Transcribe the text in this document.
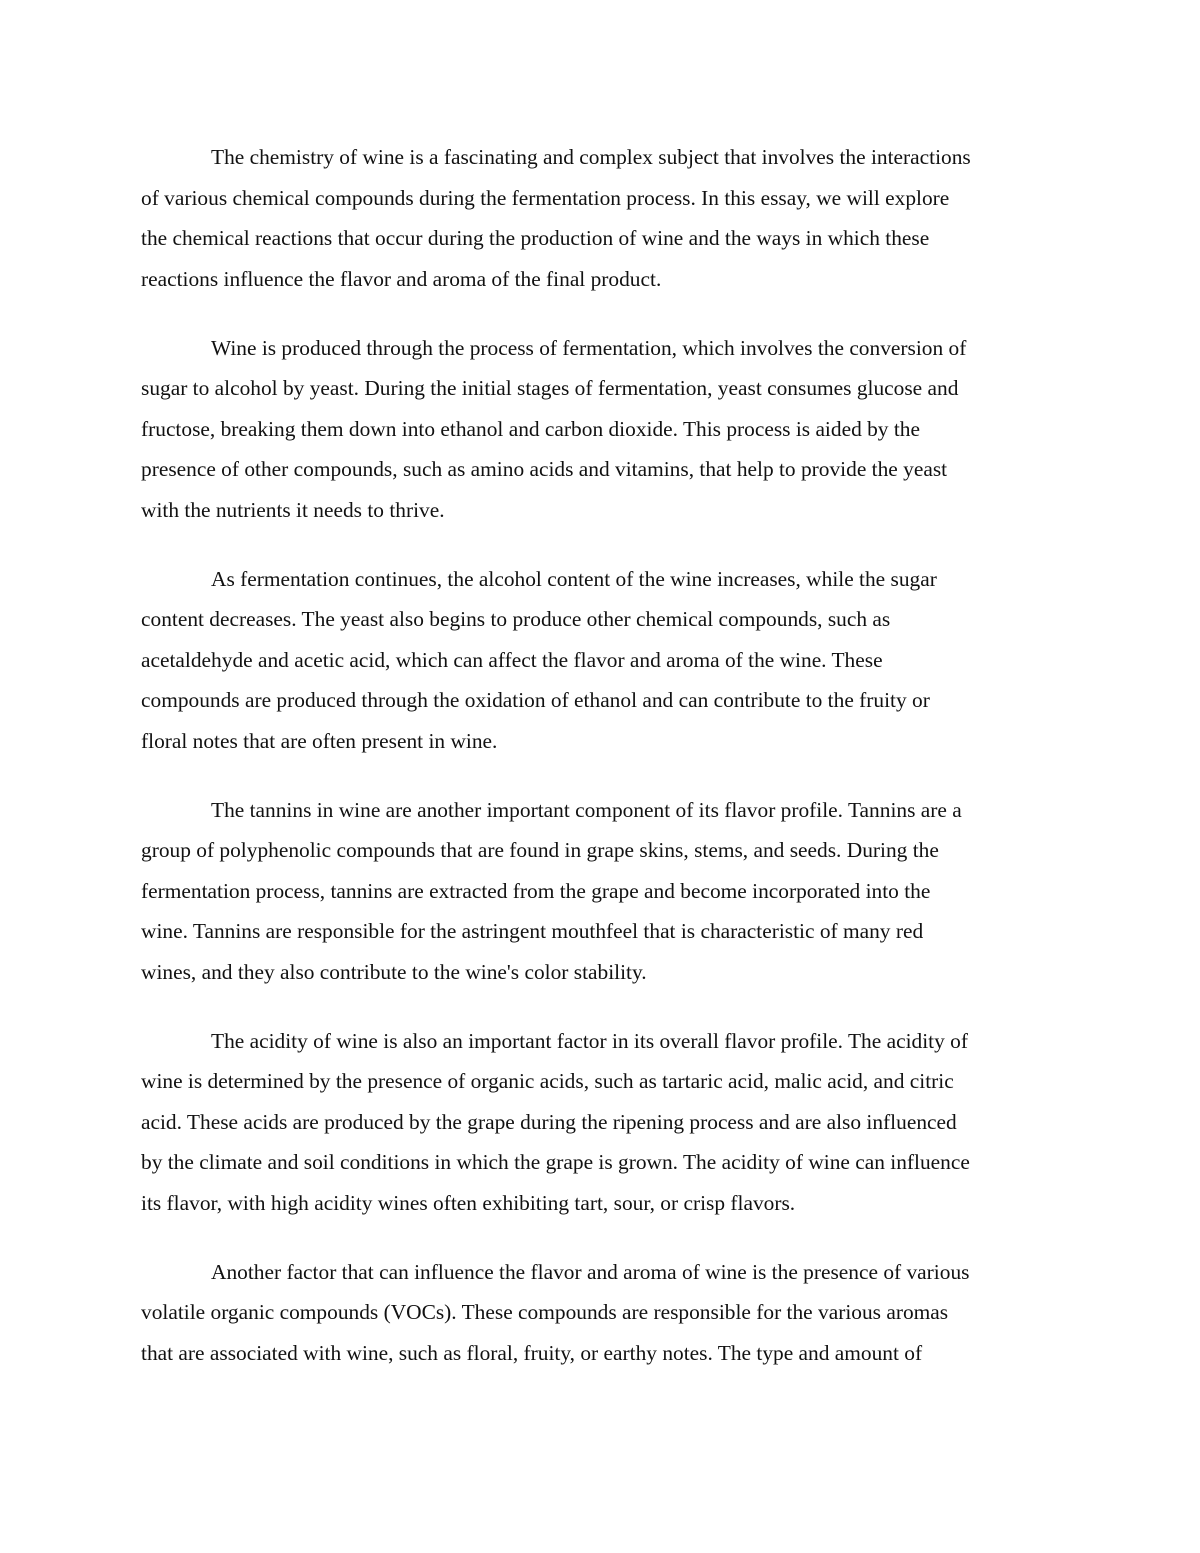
The chemistry of wine is a fascinating and complex subject that involves the interactions
of various chemical compounds during the fermentation process. In this essay, we will explore
the chemical reactions that occur during the production of wine and the ways in which these
reactions influence the flavor and aroma of the final product.

Wine is produced through the process of fermentation, which involves the conversion of
sugar to alcohol by yeast. During the initial stages of fermentation, yeast consumes glucose and
fructose, breaking them down into ethanol and carbon dioxide. This process is aided by the
presence of other compounds, such as amino acids and vitamins, that help to provide the yeast
with the nutrients it needs to thrive.

As fermentation continues, the alcohol content of the wine increases, while the sugar
content decreases. The yeast also begins to produce other chemical compounds, such as
acetaldehyde and acetic acid, which can affect the flavor and aroma of the wine. These
compounds are produced through the oxidation of ethanol and can contribute to the fruity or
floral notes that are often present in wine.

The tannins in wine are another important component of its flavor profile. Tannins are a
group of polyphenolic compounds that are found in grape skins, stems, and seeds. During the
fermentation process, tannins are extracted from the grape and become incorporated into the
wine. Tannins are responsible for the astringent mouthfeel that is characteristic of many red
wines, and they also contribute to the wine's color stability.

The acidity of wine is also an important factor in its overall flavor profile. The acidity of
wine is determined by the presence of organic acids, such as tartaric acid, malic acid, and citric
acid. These acids are produced by the grape during the ripening process and are also influenced
by the climate and soil conditions in which the grape is grown. The acidity of wine can influence
its flavor, with high acidity wines often exhibiting tart, sour, or crisp flavors.

Another factor that can influence the flavor and aroma of wine is the presence of various
volatile organic compounds (VOCs). These compounds are responsible for the various aromas
that are associated with wine, such as floral, fruity, or earthy notes. The type and amount of
